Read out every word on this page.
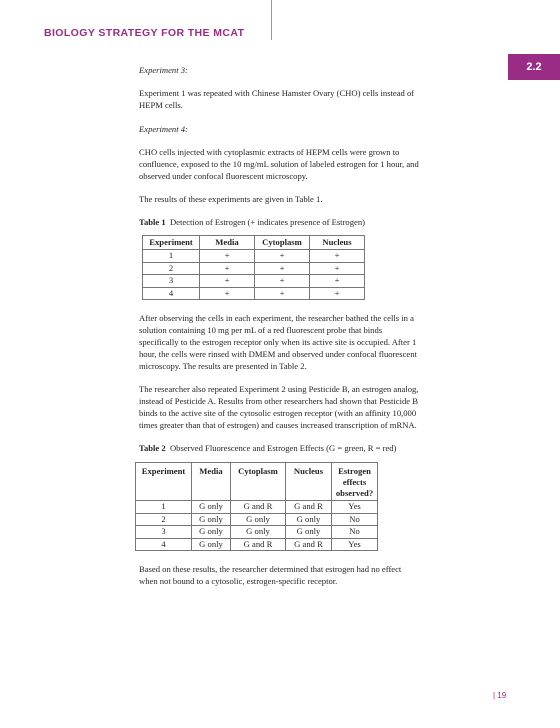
BIOLOGY STRATEGY FOR THE MCAT
2.2

Experiment 3:

Experiment 1 was repeated with Chinese Hamster Ovary (CHO) cells instead of HEPM cells.

Experiment 4:

CHO cells injected with cytoplasmic extracts of HEPM cells were grown to confluence, exposed to the 10 mg/mL solution of labeled estrogen for 1 hour, and observed under confocal fluorescent microscopy.

The results of these experiments are given in Table 1.

Table 1 Detection of Estrogen (+ indicates presence of Estrogen)

Experiment	Media	Cytoplasm	Nucleus
1	+	+	+
2	+	+	+
3	+	+	+
4	+	+	+

After observing the cells in each experiment, the researcher bathed the cells in a solution containing 10 mg per mL of a red fluorescent probe that binds specifically to the estrogen receptor only when its active site is occupied. After 1 hour, the cells were rinsed with DMEM and observed under confocal fluorescent microscopy. The results are presented in Table 2.

The researcher also repeated Experiment 2 using Pesticide B, an estrogen analog, instead of Pesticide A. Results from other researchers had shown that Pesticide B binds to the active site of the cytosolic estrogen receptor (with an affinity 10,000 times greater than that of estrogen) and causes increased transcription of mRNA.

Table 2 Observed Fluorescence and Estrogen Effects (G = green, R = red)

Experiment	Media	Cytoplasm	Nucleus	Estrogen effects observed?
1	G only	G and R	G and R	Yes
2	G only	G only	G only	No
3	G only	G only	G only	No
4	G only	G and R	G and R	Yes

Based on these results, the researcher determined that estrogen had no effect when not bound to a cytosolic, estrogen-specific receptor.

| 19
